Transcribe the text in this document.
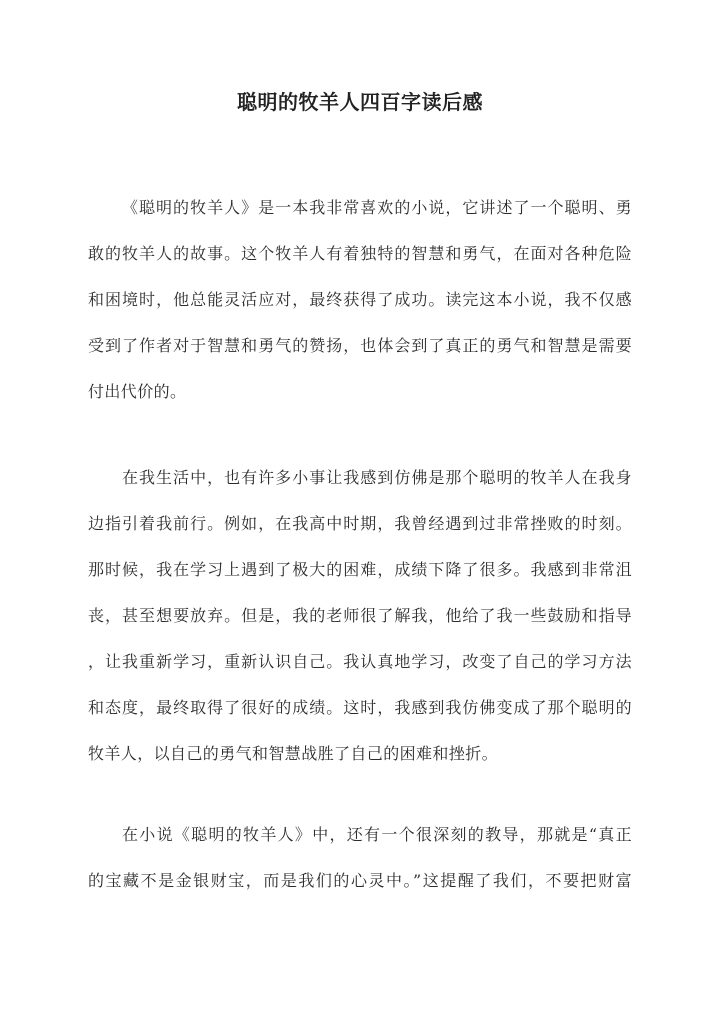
聪明的牧羊人四百字读后感
《聪明的牧羊人》是一本我非常喜欢的小说，它讲述了一个聪明、勇
敢的牧羊人的故事。这个牧羊人有着独特的智慧和勇气，在面对各种危险
和困境时，他总能灵活应对，最终获得了成功。读完这本小说，我不仅感
受到了作者对于智慧和勇气的赞扬，也体会到了真正的勇气和智慧是需要
付出代价的。
在我生活中，也有许多小事让我感到仿佛是那个聪明的牧羊人在我身
边指引着我前行。例如，在我高中时期，我曾经遇到过非常挫败的时刻。
那时候，我在学习上遇到了极大的困难，成绩下降了很多。我感到非常沮
丧，甚至想要放弃。但是，我的老师很了解我，他给了我一些鼓励和指导
，让我重新学习，重新认识自己。我认真地学习，改变了自己的学习方法
和态度，最终取得了很好的成绩。这时，我感到我仿佛变成了那个聪明的
牧羊人，以自己的勇气和智慧战胜了自己的困难和挫折。
在小说《聪明的牧羊人》中，还有一个很深刻的教导，那就是“真正
的宝藏不是金银财宝，而是我们的心灵中。”这提醒了我们，不要把财富
